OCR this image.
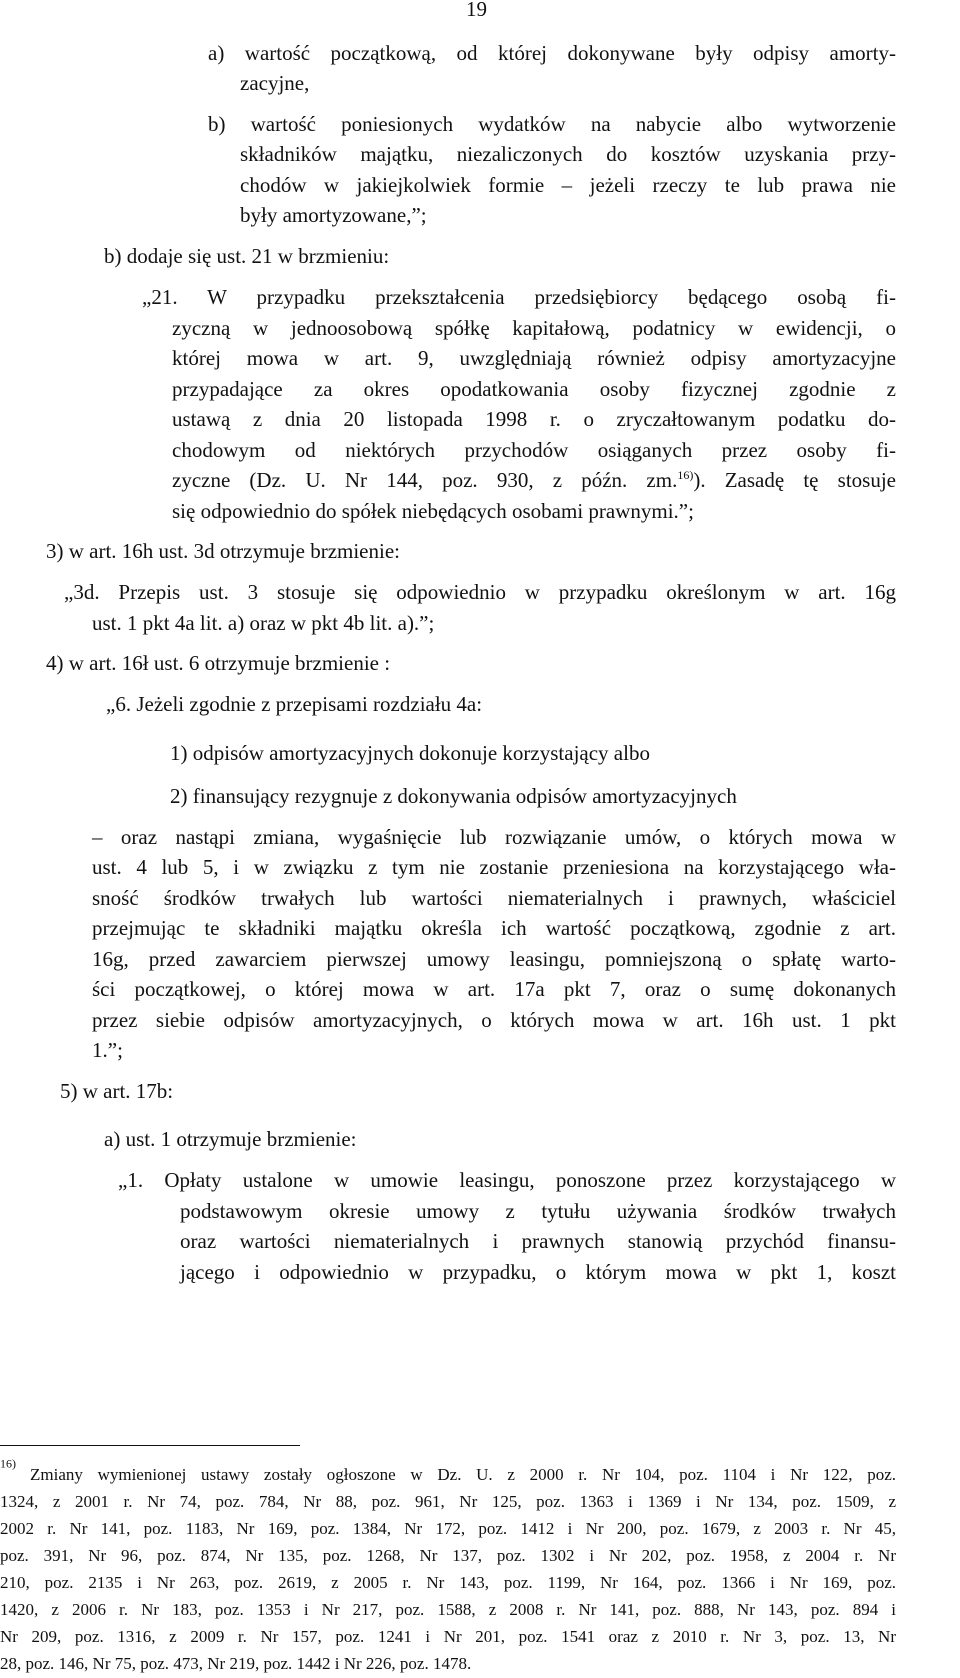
19
a) wartość początkową, od której dokonywane były odpisy amorty-
zacyjne,
b) wartość poniesionych wydatków na nabycie albo wytworzenie
składników majątku, niezaliczonych do kosztów uzyskania przy-
chodów w jakiejkolwiek formie – jeżeli rzeczy te lub prawa nie
były amortyzowane,”;
b) dodaje się ust. 21 w brzmieniu:
„21. W przypadku przekształcenia przedsiębiorcy będącego osobą fi-
zyczną w jednoosobową spółkę kapitałową, podatnicy w ewidencji, o
której mowa w art. 9, uwzględniają również odpisy amortyzacyjne
przypadające za okres opodatkowania osoby fizycznej zgodnie z
ustawą z dnia 20 listopada 1998 r. o zryczałtowanym podatku do-
chodowym od niektórych przychodów osiąganych przez osoby fi-
zyczne (Dz. U. Nr 144, poz. 930, z późn. zm.$^{16)}$). Zasadę tę stosuje
się odpowiednio do spółek niebędących osobami prawnymi.”;
3) w art. 16h ust. 3d otrzymuje brzmienie:
„3d. Przepis ust. 3 stosuje się odpowiednio w przypadku określonym w art. 16g
ust. 1 pkt 4a lit. a) oraz w pkt 4b lit. a).”;
4) w art. 16ł ust. 6 otrzymuje brzmienie :
„6. Jeżeli zgodnie z przepisami rozdziału 4a:
1) odpisów amortyzacyjnych dokonuje korzystający albo
2) finansujący rezygnuje z dokonywania odpisów amortyzacyjnych
– oraz nastąpi zmiana, wygaśnięcie lub rozwiązanie umów, o których mowa w
ust. 4 lub 5, i w związku z tym nie zostanie przeniesiona na korzystającego wła-
sność środków trwałych lub wartości niematerialnych i prawnych, właściciel
przejmując te składniki majątku określa ich wartość początkową, zgodnie z art.
16g, przed zawarciem pierwszej umowy leasingu, pomniejszoną o spłatę warto-
ści początkowej, o której mowa w art. 17a pkt 7, oraz o sumę dokonanych
przez siebie odpisów amortyzacyjnych, o których mowa w art. 16h ust. 1 pkt
1.”;
5) w art. 17b:
a) ust. 1 otrzymuje brzmienie:
„1. Opłaty ustalone w umowie leasingu, ponoszone przez korzystającego w
podstawowym okresie umowy z tytułu używania środków trwałych
oraz wartości niematerialnych i prawnych stanowią przychód finansu-
jącego i odpowiednio w przypadku, o którym mowa w pkt 1, koszt
$^{16)}$
Zmiany wymienionej ustawy zostały ogłoszone w Dz. U. z 2000 r. Nr 104, poz. 1104 i Nr 122, poz.
1324, z 2001 r. Nr 74, poz. 784, Nr 88, poz. 961, Nr 125, poz. 1363 i 1369 i Nr 134, poz. 1509, z
2002 r. Nr 141, poz. 1183, Nr 169, poz. 1384, Nr 172, poz. 1412 i Nr 200, poz. 1679, z 2003 r. Nr 45,
poz. 391, Nr 96, poz. 874, Nr 135, poz. 1268, Nr 137, poz. 1302 i Nr 202, poz. 1958, z 2004 r. Nr
210, poz. 2135 i Nr 263, poz. 2619, z 2005 r. Nr 143, poz. 1199, Nr 164, poz. 1366 i Nr 169, poz.
1420, z 2006 r. Nr 183, poz. 1353 i Nr 217, poz. 1588, z 2008 r. Nr 141, poz. 888, Nr 143, poz. 894 i
Nr 209, poz. 1316, z 2009 r. Nr 157, poz. 1241 i Nr 201, poz. 1541 oraz z 2010 r. Nr 3, poz. 13, Nr
28, poz. 146, Nr 75, poz. 473, Nr 219, poz. 1442 i Nr 226, poz. 1478.
